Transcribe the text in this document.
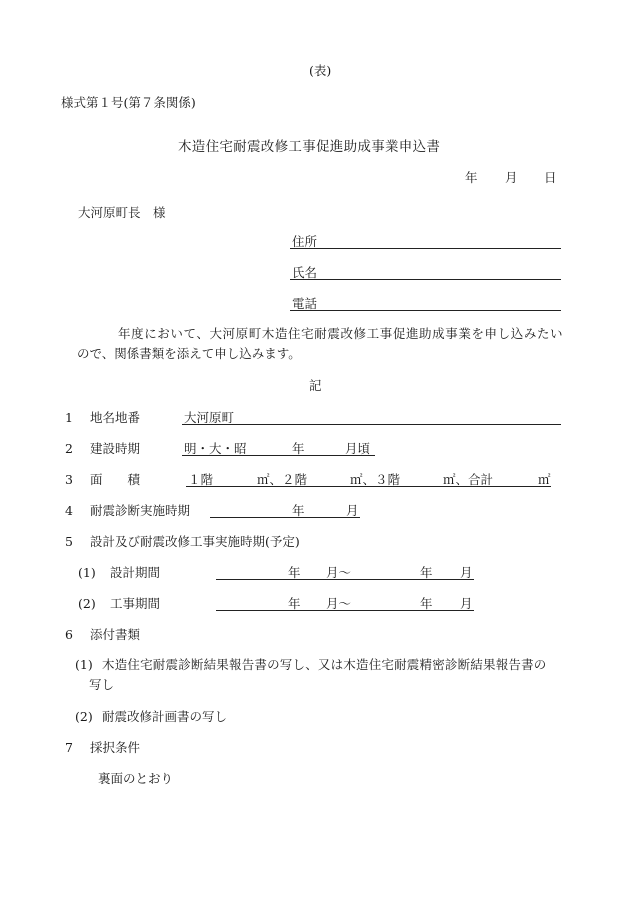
(表)
様式第１号(第７条関係)
木造住宅耐震改修工事促進助成事業申込書
年 月 日
大河原町長　様
住所
氏名
電話
年度において、大河原町木造住宅耐震改修工事促進助成事業を申し込みたい
ので、関係書類を添えて申し込みます。
記
1 地名地番	大河原町
2 建設時期	明・大・昭	年	月頃
3 面　　積	１階	㎡、２階	㎡、３階	㎡、合計	㎡
4 耐震診断実施時期	年	月
5 設計及び耐震改修工事実施時期(予定)
(1) 設計期間	年 月～	年 月
(2) 工事期間	年 月～	年 月
6 添付書類
(1) 木造住宅耐震診断結果報告書の写し、又は木造住宅耐震精密診断結果報告書の
写し
(2) 耐震改修計画書の写し
7 採択条件
裏面のとおり
